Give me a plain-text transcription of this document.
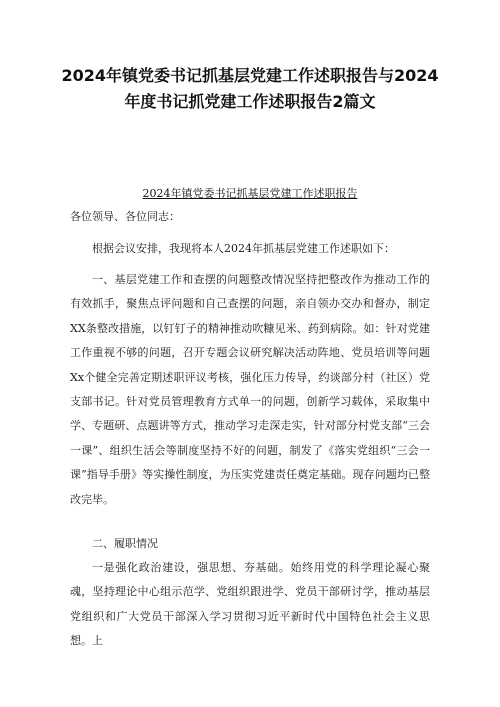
2024年镇党委书记抓基层党建工作述职报告与2024年度书记抓党建工作述职报告2篇文
2024年镇党委书记抓基层党建工作述职报告

各位领导、各位同志：

根据会议安排，我现将本人2024年抓基层党建工作述职如下：

一、基层党建工作和查摆的问题整改情况坚持把整改作为推动工作的有效抓手，聚焦点评问题和自己查摆的问题，亲自领办交办和督办，制定XX条整改措施，以钉钉子的精神推动吹糠见米、药到病除。如：针对党建工作重视不够的问题，召开专题会议研究解决活动阵地、党员培训等问题Xx个健全完善定期述职评议考核，强化压力传导，约谈部分村（社区）党支部书记。针对党员管理教育方式单一的问题，创新学习载体，采取集中学、专题研、点题讲等方式，推动学习走深走实，针对部分村党支部“三会一课”、组织生活会等制度坚持不好的问题，制发了《落实党组织“三会一课”指导手册》等实操性制度，为压实党建责任奠定基础。现存问题均已整改完毕。

二、履职情况

一是强化政治建设，强思想、夯基础。始终用党的科学理论凝心聚魂，坚持理论中心组示范学、党组织跟进学、党员干部研讨学，推动基层党组织和广大党员干部深入学习贯彻习近平新时代中国特色社会主义思想。上
